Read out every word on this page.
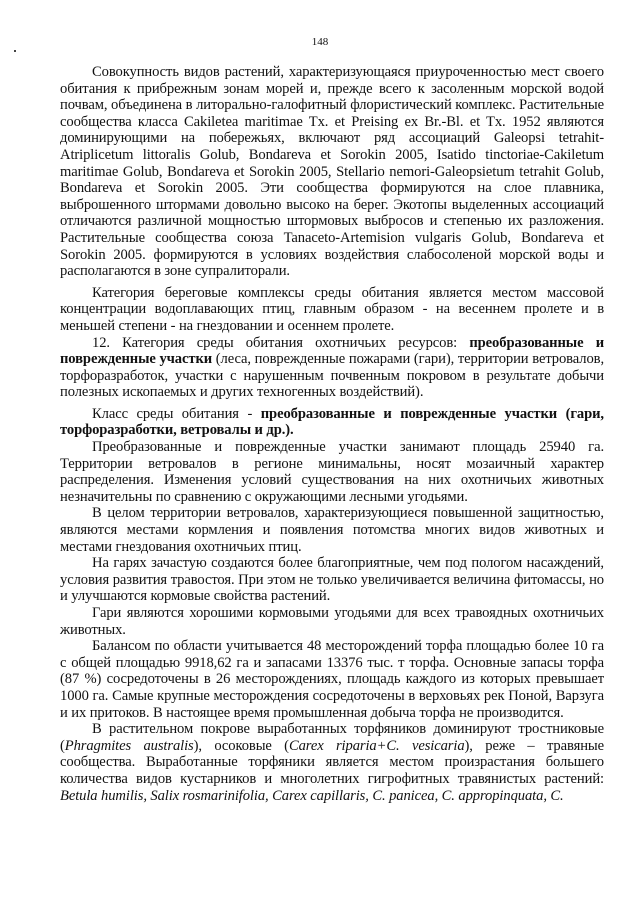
148

Совокупность видов растений, характеризующаяся приуроченностью мест своего обитания к прибрежным зонам морей и, прежде всего к засоленным морской водой почвам, объединена в литорально-галофитный флористический комплекс. Растительные сообщества класса Cakiletea maritimae Tx. et Preising ex Br.-Bl. et Tx. 1952 являются доминирующими на побережьях, включают ряд ассоциаций Galeopsi tetrahit-Atriplicetum littoralis Golub, Bondareva et Sorokin 2005, Isatido tinctoriae-Cakiletum maritimae Golub, Bondareva et Sorokin 2005, Stellario nemori-Galeopsietum tetrahit Golub, Bondareva et Sorokin 2005. Эти сообщества формируются на слое плавника, выброшенного штормами довольно высоко на берег. Экотопы выделенных ассоциаций отличаются различной мощностью штормовых выбросов и степенью их разложения. Растительные сообщества союза Tanaceto-Artemision vulgaris Golub, Bondareva et Sorokin 2005. формируются в условиях воздействия слабосоленой морской воды и располагаются в зоне супралиторали.

Категория береговые комплексы среды обитания является местом массовой концентрации водоплавающих птиц, главным образом - на весеннем пролете и в меньшей степени - на гнездовании и осеннем пролете.

12. Категория среды обитания охотничьих ресурсов: преобразованные и поврежденные участки (леса, поврежденные пожарами (гари), территории ветровалов, торфоразработок, участки с нарушенным почвенным покровом в результате добычи полезных ископаемых и других техногенных воздействий).

Класс среды обитания - преобразованные и поврежденные участки (гари, торфоразработки, ветровалы и др.).

Преобразованные и поврежденные участки занимают площадь 25940 га. Территории ветровалов в регионе минимальны, носят мозаичный характер распределения. Изменения условий существования на них охотничьих животных незначительны по сравнению с окружающими лесными угодьями.

В целом территории ветровалов, характеризующиеся повышенной защитностью, являются местами кормления и появления потомства многих видов животных и местами гнездования охотничьих птиц.

На гарях зачастую создаются более благоприятные, чем под пологом насаждений, условия развития травостоя. При этом не только увеличивается величина фитомассы, но и улучшаются кормовые свойства растений.

Гари являются хорошими кормовыми угодьями для всех травоядных охотничьих животных.

Балансом по области учитывается 48 месторождений торфа площадью более 10 га с общей площадью 9918,62 га и запасами 13376 тыс. т торфа. Основные запасы торфа (87 %) сосредоточены в 26 месторождениях, площадь каждого из которых превышает 1000 га. Самые крупные месторождения сосредоточены в верховьях рек Поной, Варзуга и их притоков. В настоящее время промышленная добыча торфа не производится.

В растительном покрове выработанных торфяников доминируют тростниковые (Phragmites australis), осоковые (Carex riparia+C. vesicaria), реже – травяные сообщества. Выработанные торфяники является местом произрастания большего количества видов кустарников и многолетних гигрофитных травянистых растений: Betula humilis, Salix rosmarinifolia, Carex capillaris, C. panicea, C. appropinquata, C.
